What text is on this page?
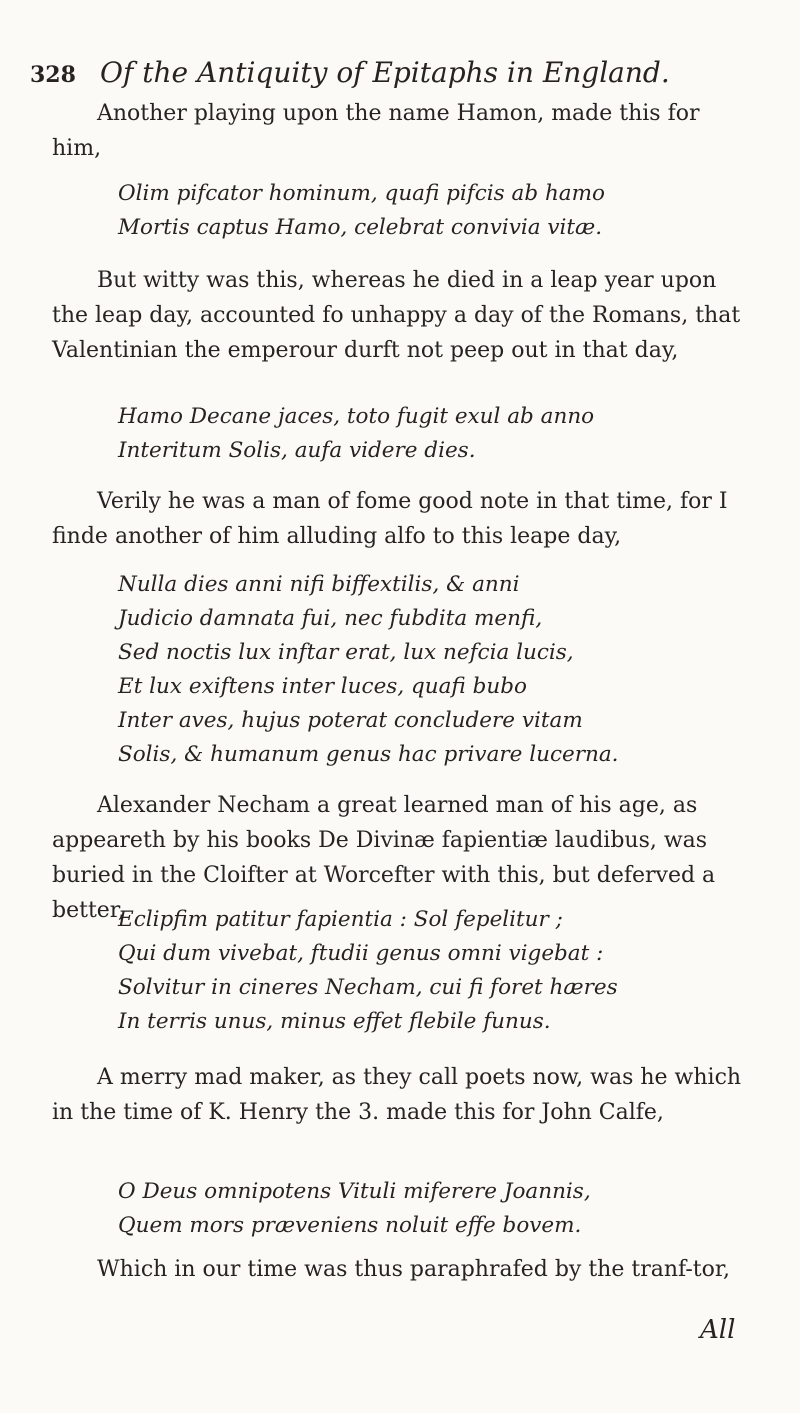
328 Of the Antiquity of Epitaphs in England.

Another playing upon the name Hamon, made this for him,

Olim pifcator hominum, quafi pifcis ab hamo
Mortis captus Hamo, celebrat convivia vitæ.

But witty was this, whereas he died in a leap year upon the leap day, accounted fo unhappy a day of the Romans, that Valentinian the emperour durft not peep out in that day,

Hamo Decane jaces, toto fugit exul ab anno
Interitum Solis, aufa videre dies.

Verily he was a man of fome good note in that time, for I finde another of him alluding alfo to this leape day,

Nulla dies anni nifi biffextilis, & anni
Judicio damnata fui, nec fubdita menfi,
Sed noctis lux inftar erat, lux nefcia lucis,
Et lux exiftens inter luces, quafi bubo
Inter aves, hujus poterat concludere vitam
Solis, & humanum genus hac privare lucerna.

Alexander Necham a great learned man of his age, as appeareth by his books De Divinæ fapientiæ laudibus, was buried in the Cloifter at Worcefter with this, but deferved a better,

Eclipfim patitur fapientia : Sol fepelitur ;
Qui dum vivebat, ftudii genus omni vigebat :
Solvitur in cineres Necham, cui fi foret hæres
In terris unus, minus effet flebile funus.

A merry mad maker, as they call poets now, was he which in the time of K. Henry the 3. made this for John Calfe,

O Deus omnipotens Vituli miferere Joannis,
Quem mors præveniens noluit effe bovem.

Which in our time was thus paraphrafed by the tranf-tor,

All
